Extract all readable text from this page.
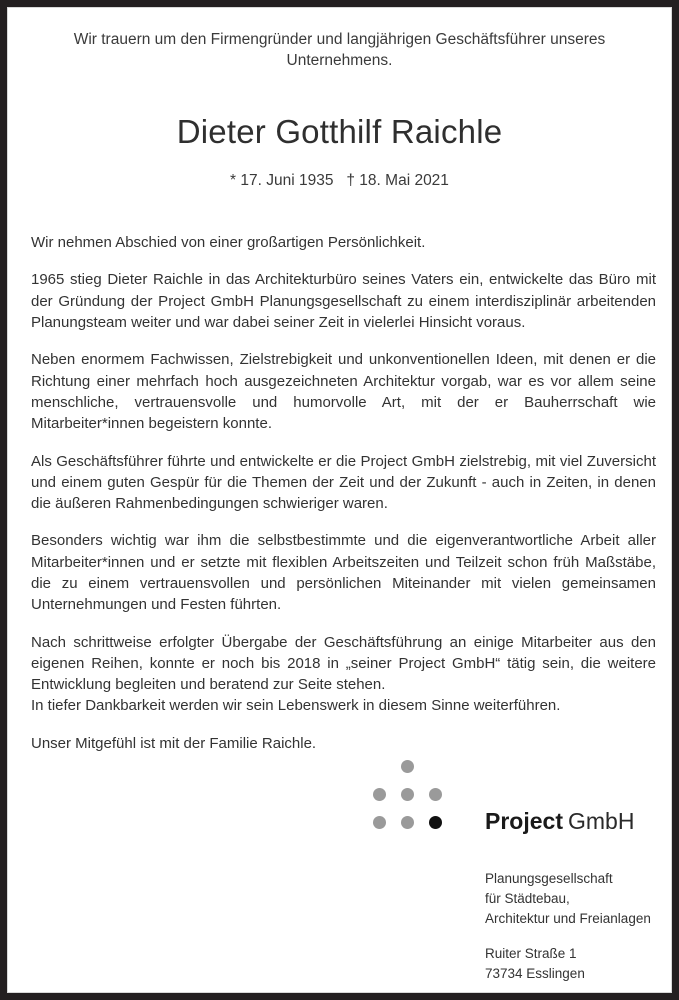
Wir trauern um den Firmengründer und langjährigen Geschäftsführer unseres Unternehmens.

Dieter Gotthilf Raichle

* 17. Juni 1935   † 18. Mai 2021

Wir nehmen Abschied von einer großartigen Persönlichkeit.

1965 stieg Dieter Raichle in das Architekturbüro seines Vaters ein, entwickelte das Büro mit der Gründung der Project GmbH Planungsgesellschaft zu einem interdisziplinär arbeitenden Planungsteam weiter und war dabei seiner Zeit in vielerlei Hinsicht voraus.

Neben enormem Fachwissen, Zielstrebigkeit und unkonventionellen Ideen, mit denen er die Richtung einer mehrfach hoch ausgezeichneten Architektur vorgab, war es vor allem seine menschliche, vertrauensvolle und humorvolle Art, mit der er Bauherrschaft wie Mitarbeiter*innen begeistern konnte.

Als Geschäftsführer führte und entwickelte er die Project GmbH zielstrebig, mit viel Zuversicht und einem guten Gespür für die Themen der Zeit und der Zukunft - auch in Zeiten, in denen die äußeren Rahmenbedingungen schwieriger waren.

Besonders wichtig war ihm die selbstbestimmte und die eigenverantwortliche Arbeit aller Mitarbeiter*innen und er setzte mit flexiblen Arbeitszeiten und Teilzeit schon früh Maßstäbe, die zu einem vertrauensvollen und persönlichen Miteinander mit vielen gemeinsamen Unternehmungen und Festen führten.

Nach schrittweise erfolgter Übergabe der Geschäftsführung an einige Mitarbeiter aus den eigenen Reihen, konnte er noch bis 2018 in „seiner Project GmbH“ tätig sein, die weitere Entwicklung begleiten und beratend zur Seite stehen.

In tiefer Dankbarkeit werden wir sein Lebenswerk in diesem Sinne weiterführen.

Unser Mitgefühl ist mit der Familie Raichle.

Project GmbH
Planungsgesellschaft
für Städtebau,
Architektur und Freianlagen
Ruiter Straße 1
73734 Esslingen
